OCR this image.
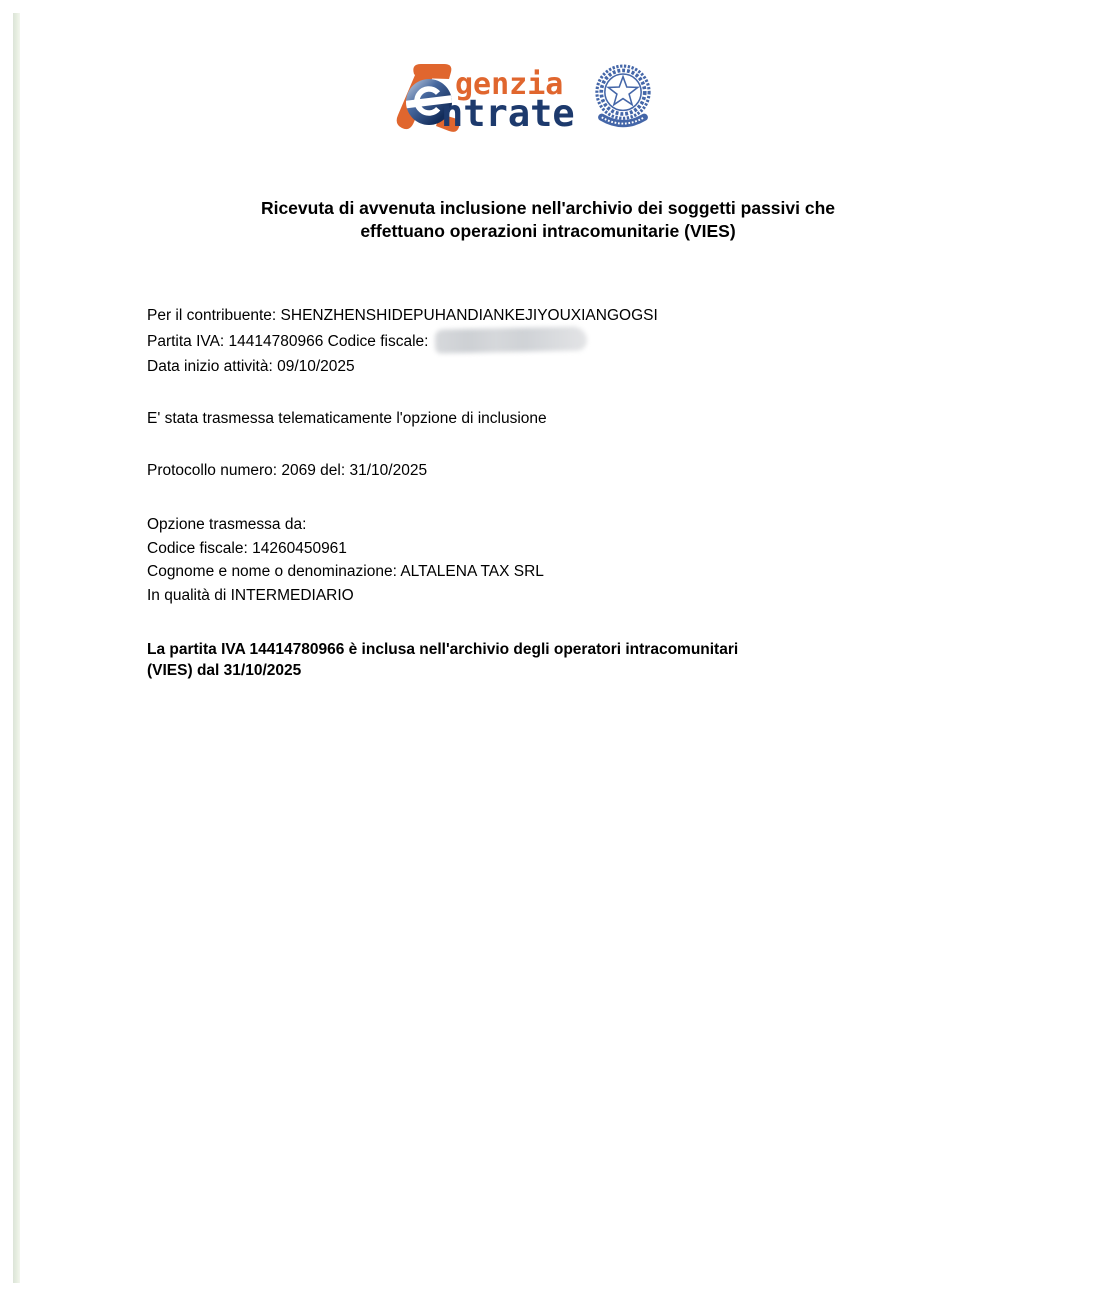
genzia
ntrate
Ricevuta di avvenuta inclusione nell'archivio dei soggetti passivi che
effettuano operazioni intracomunitarie (VIES)
Per il contribuente: SHENZHENSHIDEPUHANDIANKEJIYOUXIANGOGSI
Partita IVA: 14414780966 Codice fiscale:
Data inizio attività: 09/10/2025
E' stata trasmessa telematicamente l'opzione di inclusione
Protocollo numero: 2069 del: 31/10/2025
Opzione trasmessa da:
Codice fiscale: 14260450961
Cognome e nome o denominazione: ALTALENA TAX SRL
In qualità di INTERMEDIARIO
La partita IVA 14414780966 è inclusa nell'archivio degli operatori intracomunitari
(VIES) dal 31/10/2025
